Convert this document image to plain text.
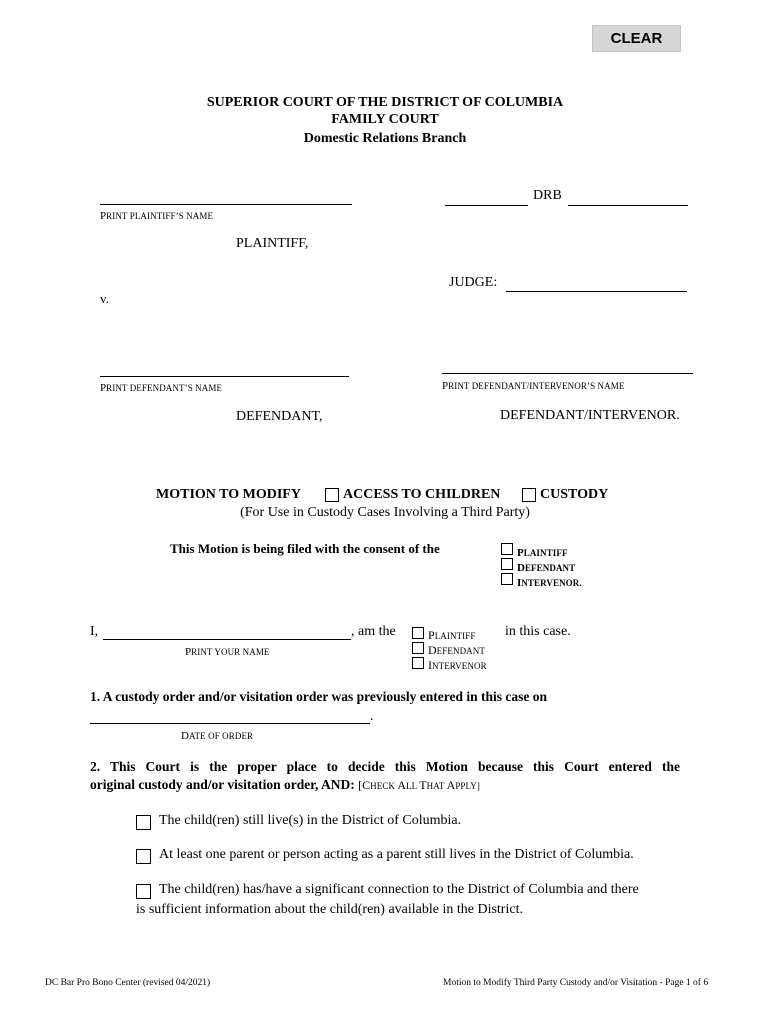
CLEAR
SUPERIOR COURT OF THE DISTRICT OF COLUMBIA
FAMILY COURT
Domestic Relations Branch
PRINT PLAINTIFF’S NAME
DRB
PLAINTIFF,
JUDGE:
v.
PRINT DEFENDANT’S NAME	PRINT DEFENDANT/INTERVENOR’S NAME
DEFENDANT,	DEFENDANT/INTERVENOR.
MOTION TO MODIFY	ACCESS TO CHILDREN	CUSTODY
(For Use in Custody Cases Involving a Third Party)
This Motion is being filed with the consent of the	PLAINTIFF
DEFENDANT
INTERVENOR.
I,	, am the
PRINT YOUR NAME
PLAINTIFF
DEFENDANT
INTERVENOR
in this case.
1. A custody order and/or visitation order was previously entered in this case on
.
DATE OF ORDER
2. This Court is the proper place to decide this Motion because this Court entered the
original custody and/or visitation order, AND: [CHECK ALL THAT APPLY]
The child(ren) still live(s) in the District of Columbia.
At least one parent or person acting as a parent still lives in the District of Columbia.
The child(ren) has/have a significant connection to the District of Columbia and there
is sufficient information about the child(ren) available in the District.
DC Bar Pro Bono Center (revised 04/2021)	Motion to Modify Third Party Custody and/or Visitation - Page 1 of 6
